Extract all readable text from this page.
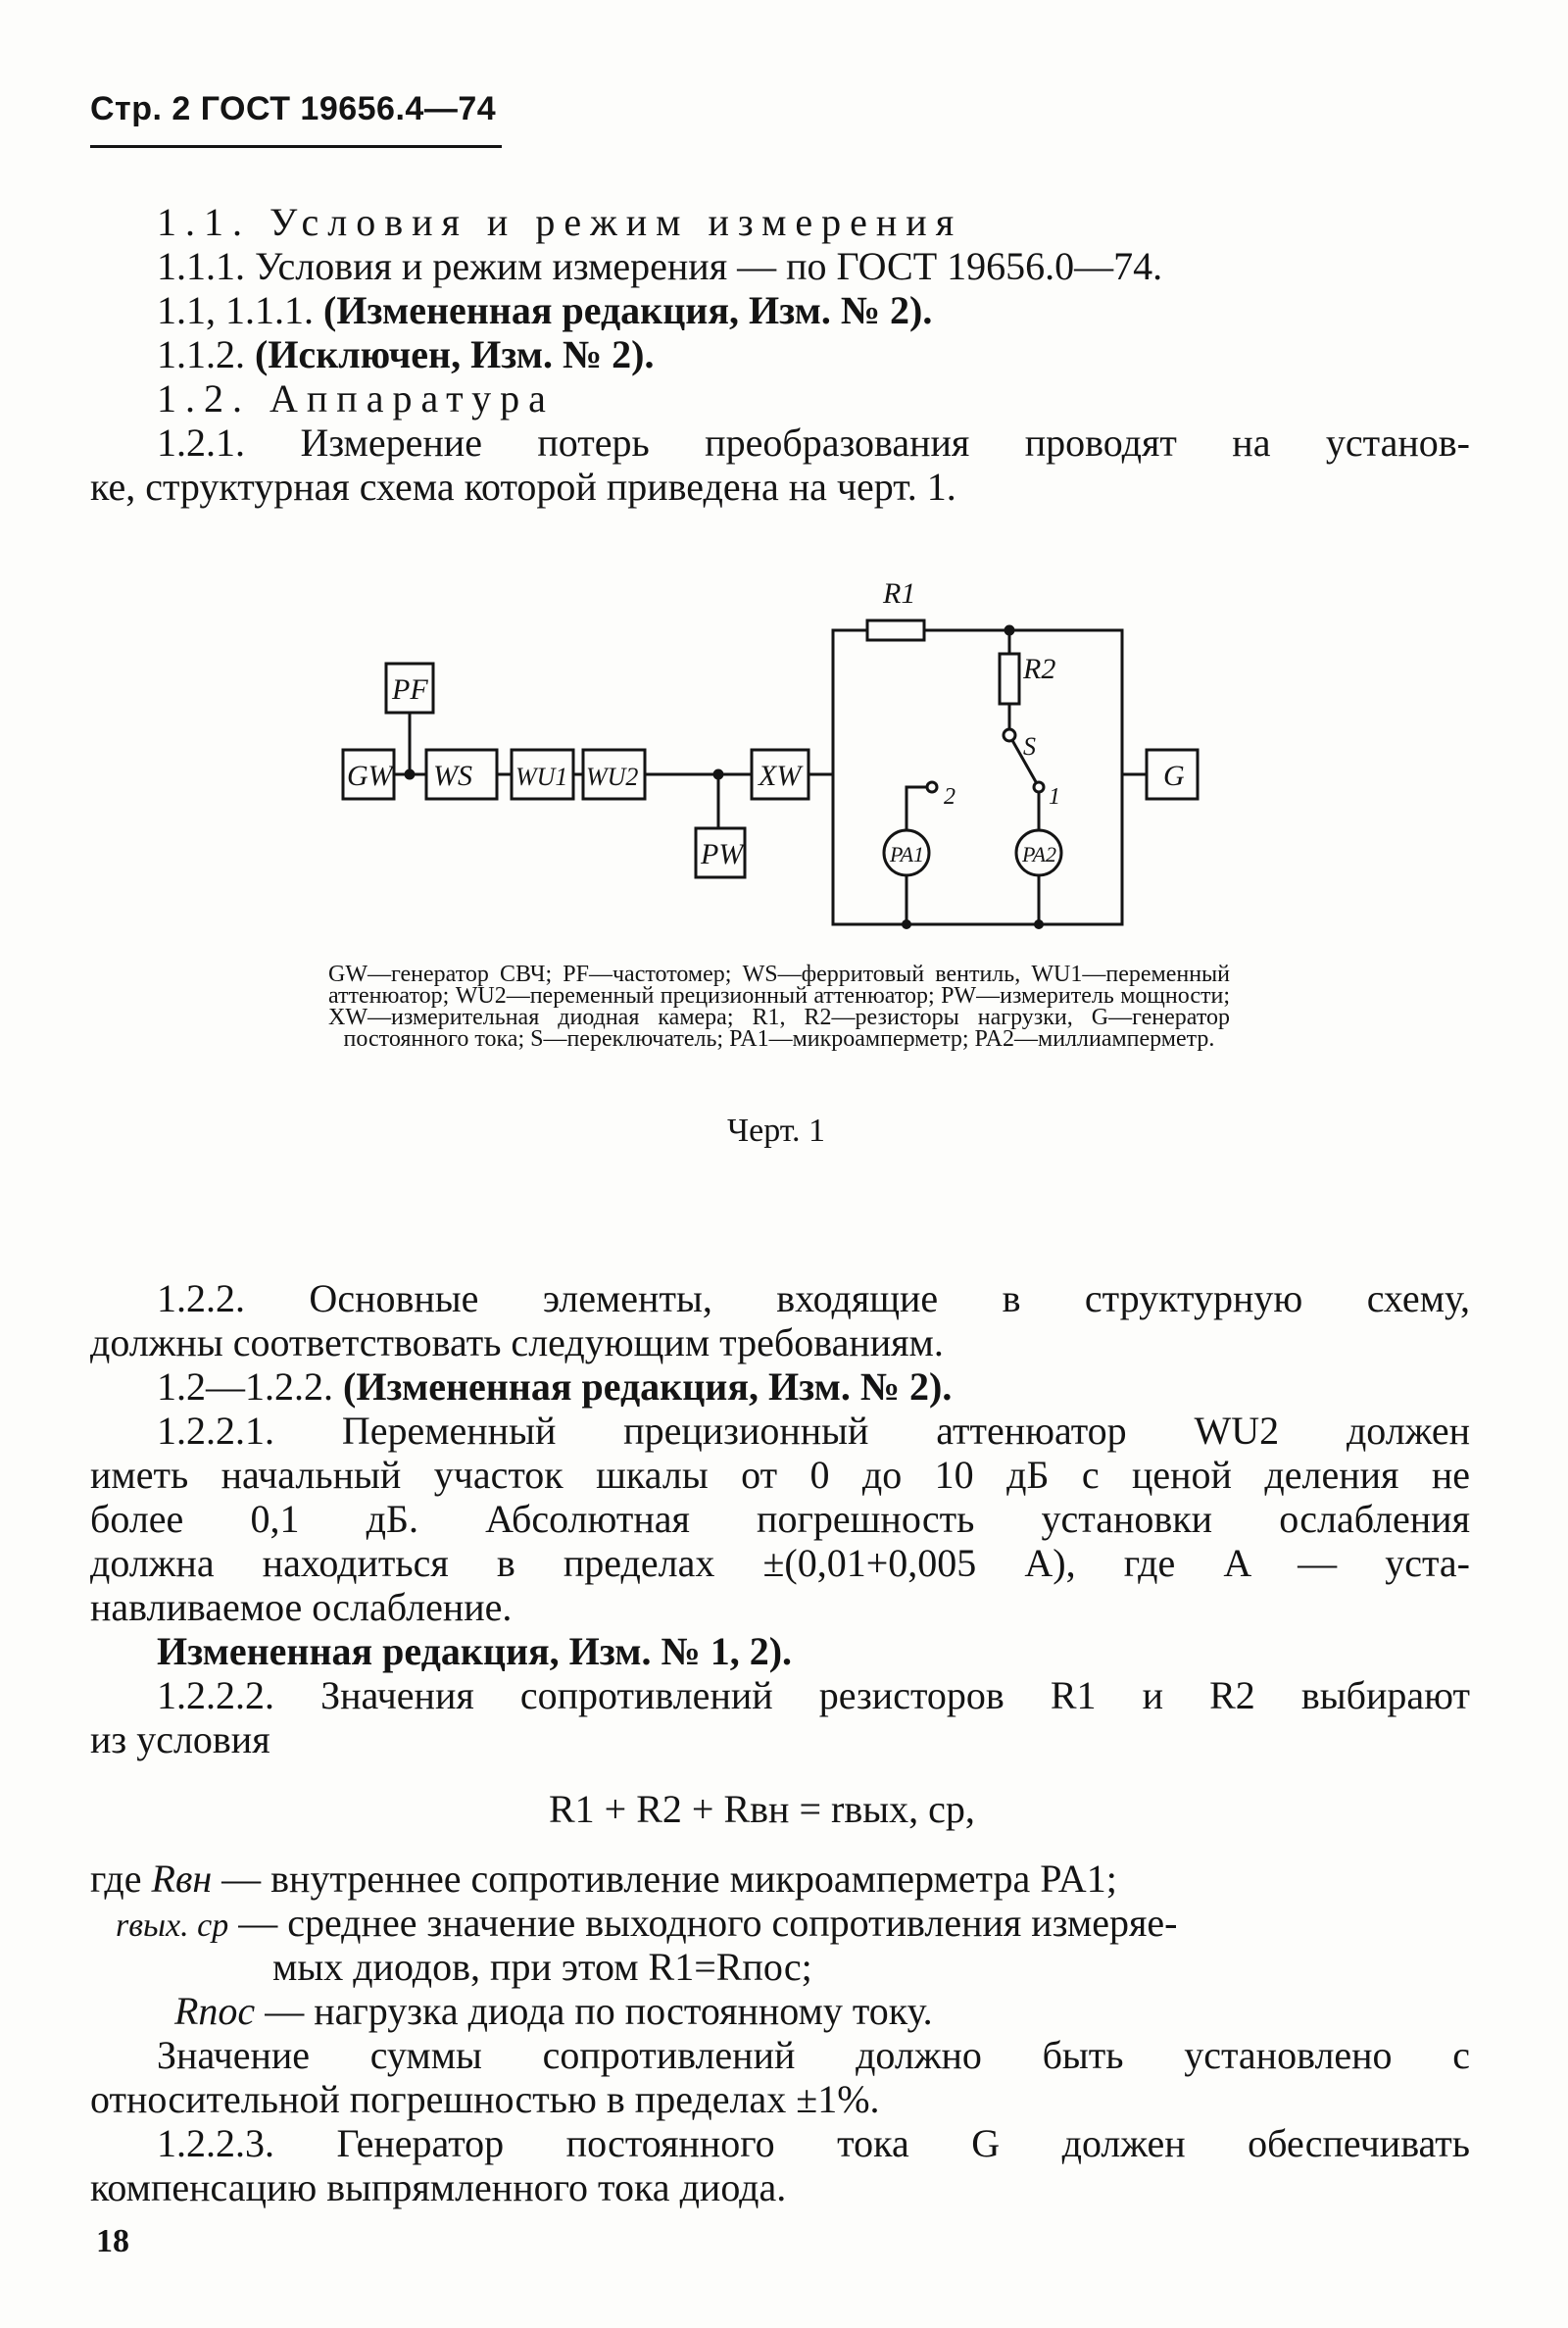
Стр. 2 ГОСТ 19656.4—74
1.1. Условия и режим измерения
1.1.1. Условия и режим измерения — по ГОСТ 19656.0—74.
1.1, 1.1.1. (Измененная редакция, Изм. № 2).
1.1.2. (Исключен, Изм. № 2).
1.2. Аппаратура
1.2.1. Измерение потерь преобразования проводят на установ-
ке, структурная схема которой приведена на черт. 1.
GW
PF
WS WU1 WU2
PW
XW	G
R1
R2
S
1
2
PA1	PA2
GW—генератор СВЧ; PF—частотомер; WS—ферритовый вентиль, WU1—переменный аттенюатор; WU2—переменный прецизионный аттенюатор; PW—измеритель мощности; XW—измерительная диодная камера; R1, R2—резисторы нагрузки, G—генератор постоянного тока; S—переключатель; PA1—микроамперметр; PA2—миллиамперметр.
Черт. 1
1.2.2. Основные элементы, входящие в структурную схему,
должны соответствовать следующим требованиям.
1.2—1.2.2. (Измененная редакция, Изм. № 2).
1.2.2.1. Переменный прецизионный аттенюатор WU2 должен
иметь начальный участок шкалы от 0 до 10 дБ с ценой деления не
более 0,1 дБ. Абсолютная погрешность установки ослабления
должна находиться в пределах ±(0,01+0,005 A), где A — уста-
навливаемое ослабление.
Измененная редакция, Изм. № 1, 2).
1.2.2.2. Значения сопротивлений резисторов R1 и R2 выбирают
из условия
R1 + R2 + Rвн = rвых, ср,
где Rвн — внутреннее сопротивление микроамперметра PA1;
rвых. ср — среднее значение выходного сопротивления измеряе-
мых диодов, при этом R1=Rпос;
Rпос — нагрузка диода по постоянному току.
Значение суммы сопротивлений должно быть установлено с
относительной погрешностью в пределах ±1%.
1.2.2.3. Генератор постоянного тока G должен обеспечивать
компенсацию выпрямленного тока диода.
18
